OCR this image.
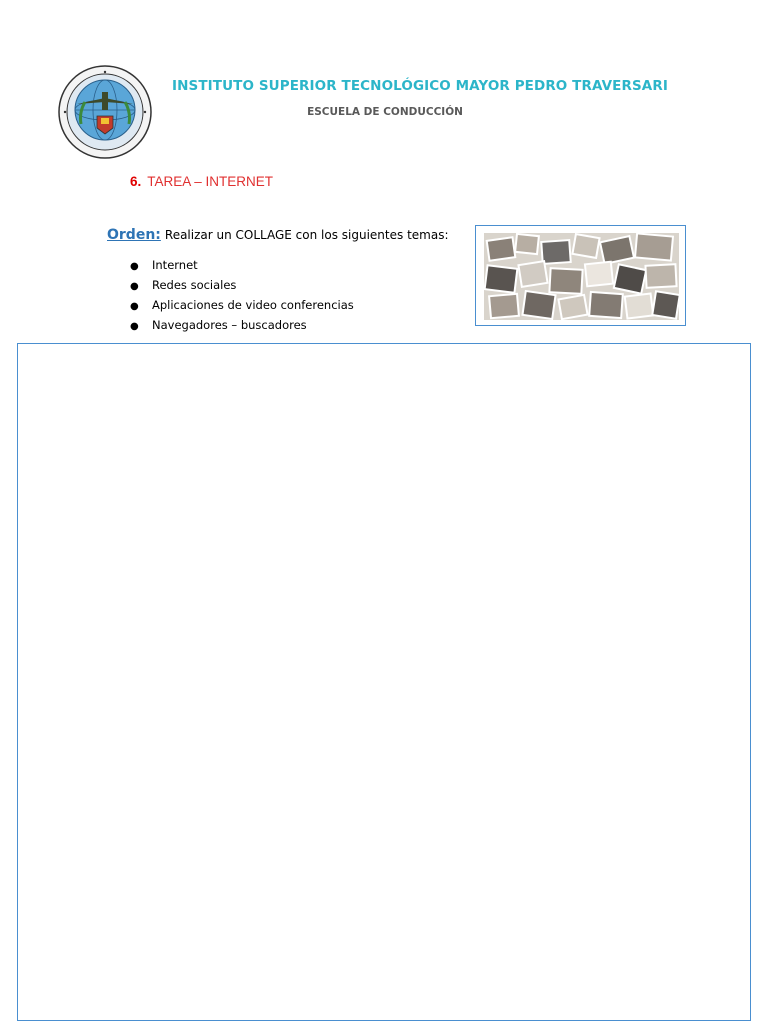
INSTITUTO SUPERIOR TECNOLÓGICO MAYOR PEDRO TRAVERSARI
ESCUELA DE CONDUCCIÓN
6. TAREA – INTERNET
Orden: Realizar un COLLAGE con los siguientes temas:
● Internet
● Redes sociales
● Aplicaciones de video conferencias
● Navegadores – buscadores
